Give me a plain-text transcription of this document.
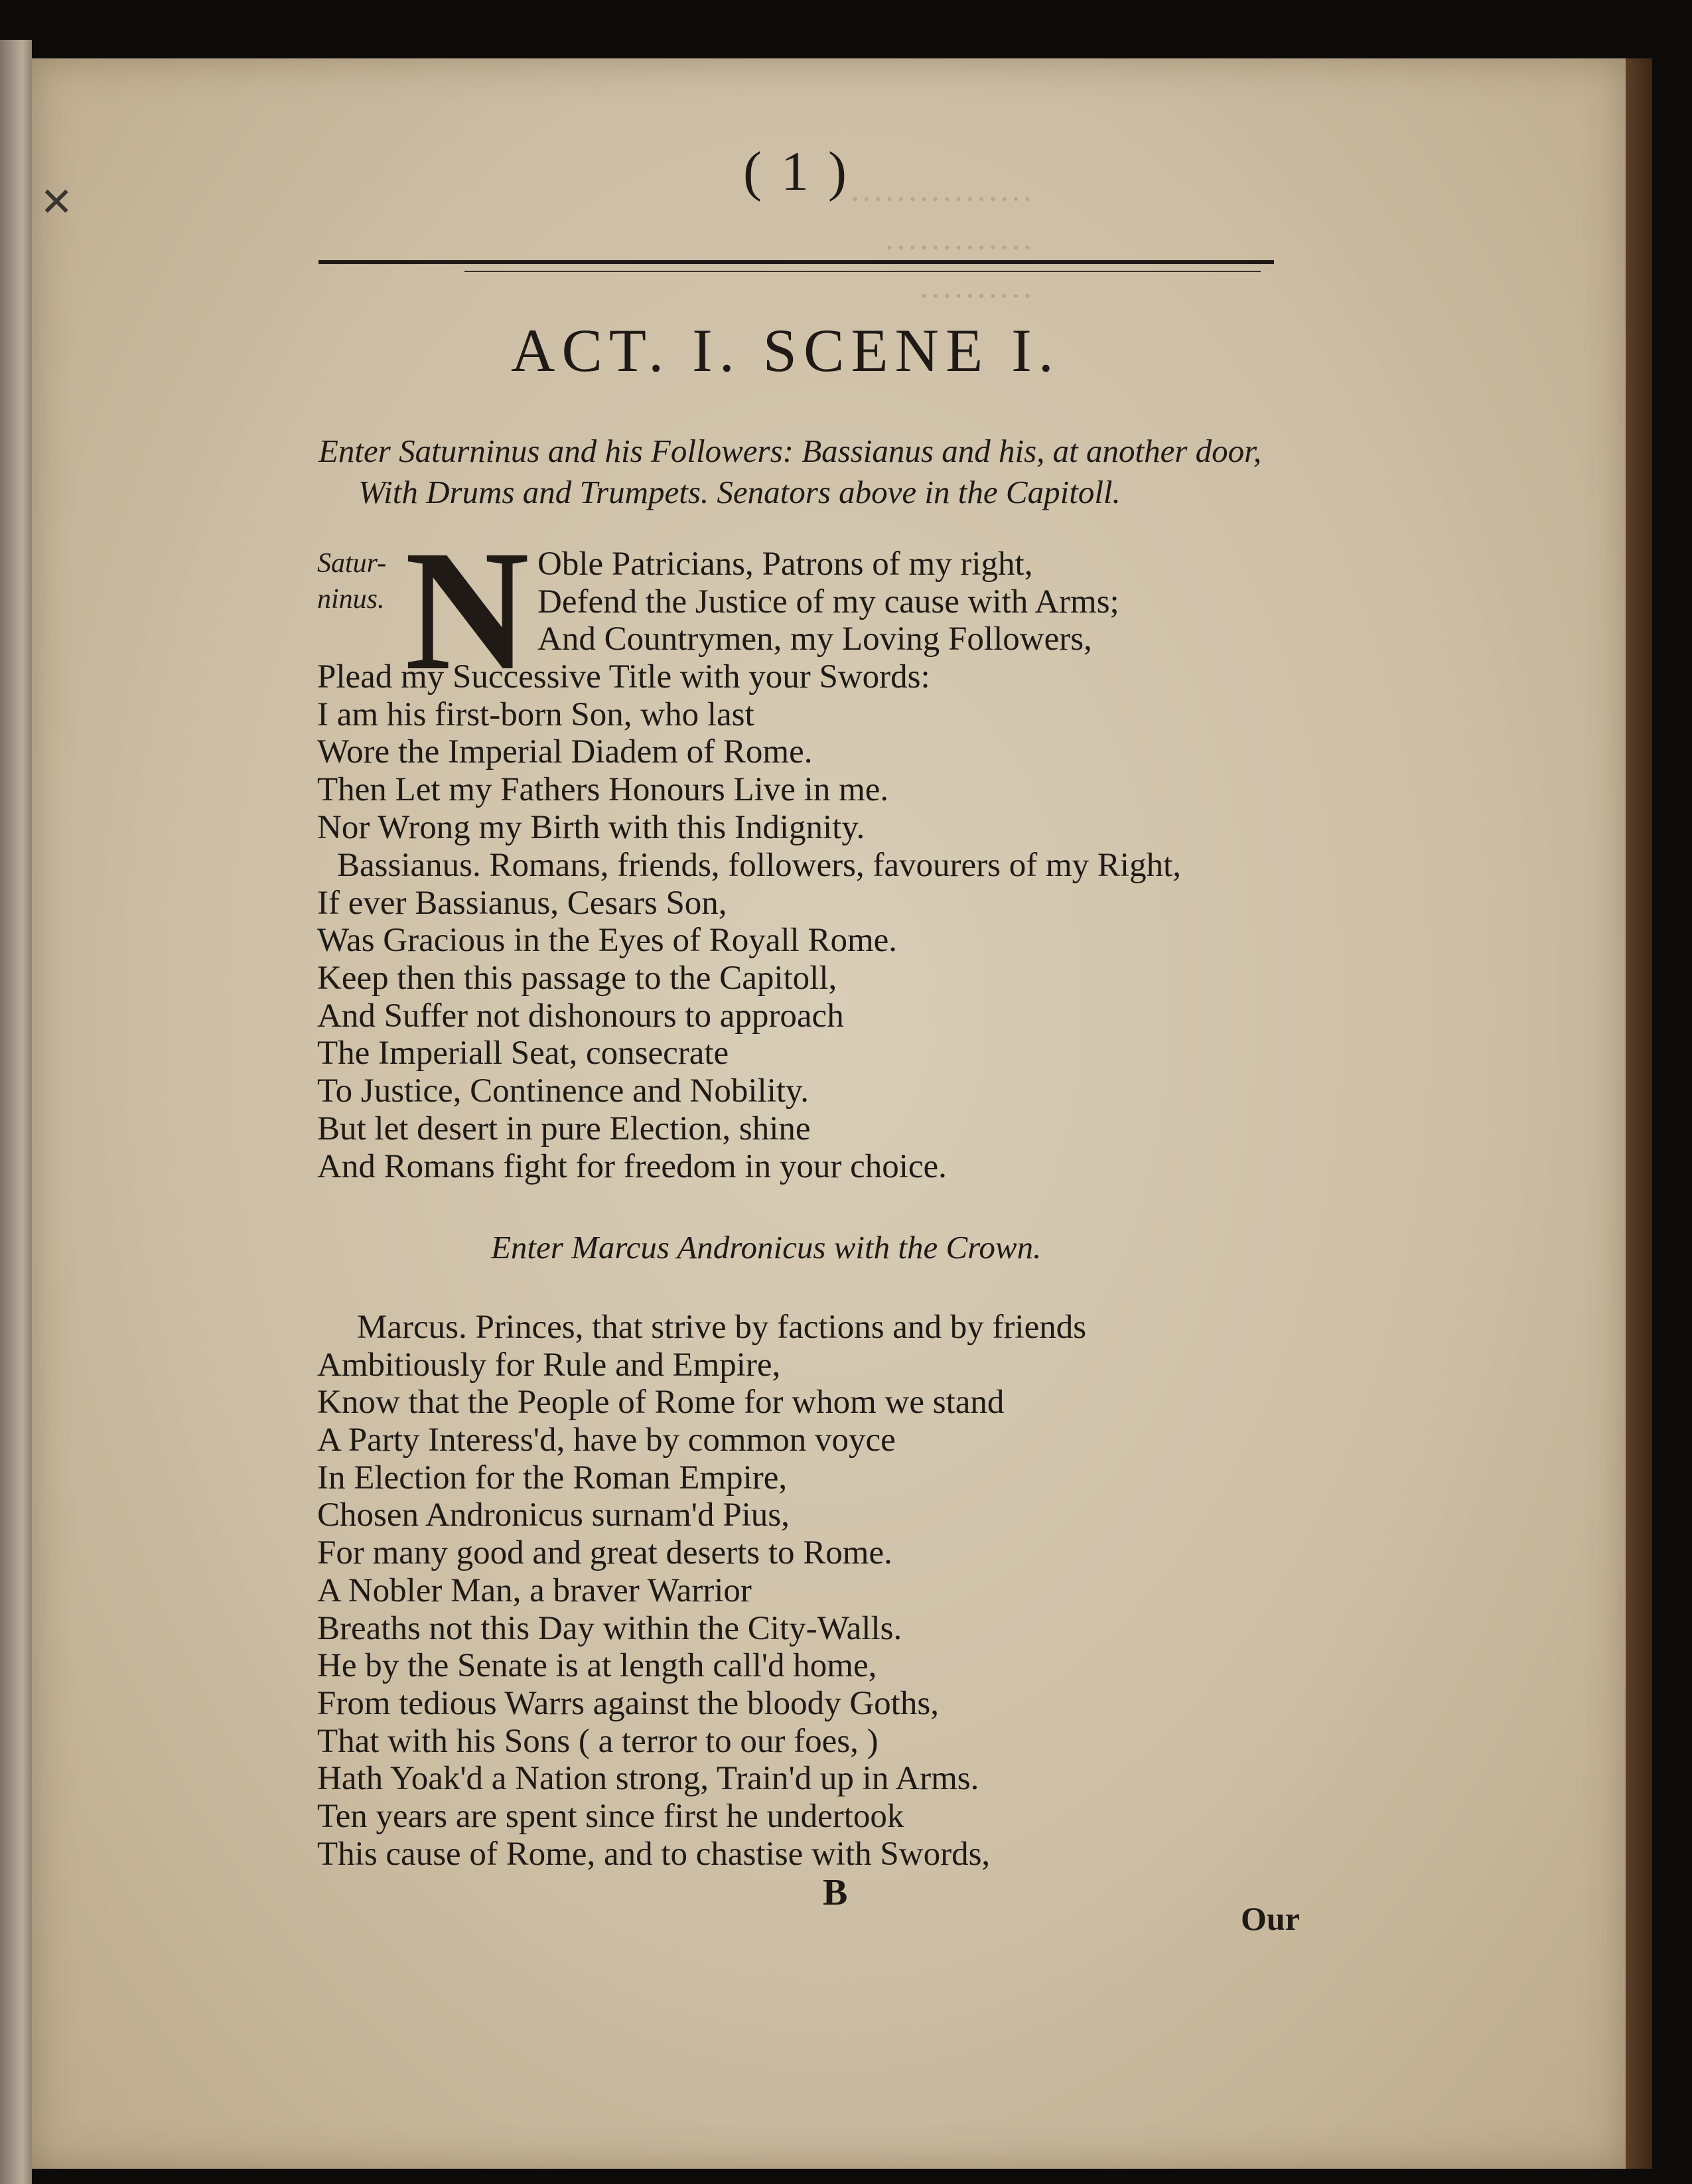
✕	················
·············
··········
( 1 )
ACT. I. SCENE I.
Enter Saturninus and his Followers: Bassianus and his, at another door,
With Drums and Trumpets. Senators above in the Capitoll.
Satur-
ninus. N Oble Patricians, Patrons of my right,
Defend the Justice of my cause with Arms;
And Countrymen, my Loving Followers,
Plead my Successive Title with your Swords:
I am his first-born Son, who last
Wore the Imperial Diadem of Rome.
Then Let my Fathers Honours Live in me.
Nor Wrong my Birth with this Indignity.
Bassianus. Romans, friends, followers, favourers of my Right,
If ever Bassianus, Cesars Son,
Was Gracious in the Eyes of Royall Rome.
Keep then this passage to the Capitoll,
And Suffer not dishonours to approach
The Imperiall Seat, consecrate
To Justice, Continence and Nobility.
But let desert in pure Election, shine
And Romans fight for freedom in your choice.
Enter Marcus Andronicus with the Crown.
Marcus. Princes, that strive by factions and by friends
Ambitiously for Rule and Empire,
Know that the People of Rome for whom we stand
A Party Interess'd, have by common voyce
In Election for the Roman Empire,
Chosen Andronicus surnam'd Pius,
For many good and great deserts to Rome.
A Nobler Man, a braver Warrior
Breaths not this Day within the City-Walls.
He by the Senate is at length call'd home,
From tedious Warrs against the bloody Goths,
That with his Sons ( a terror to our foes, )
Hath Yoak'd a Nation strong, Train'd up in Arms.
Ten years are spent since first he undertook
This cause of Rome, and to chastise with Swords,
B
Our
